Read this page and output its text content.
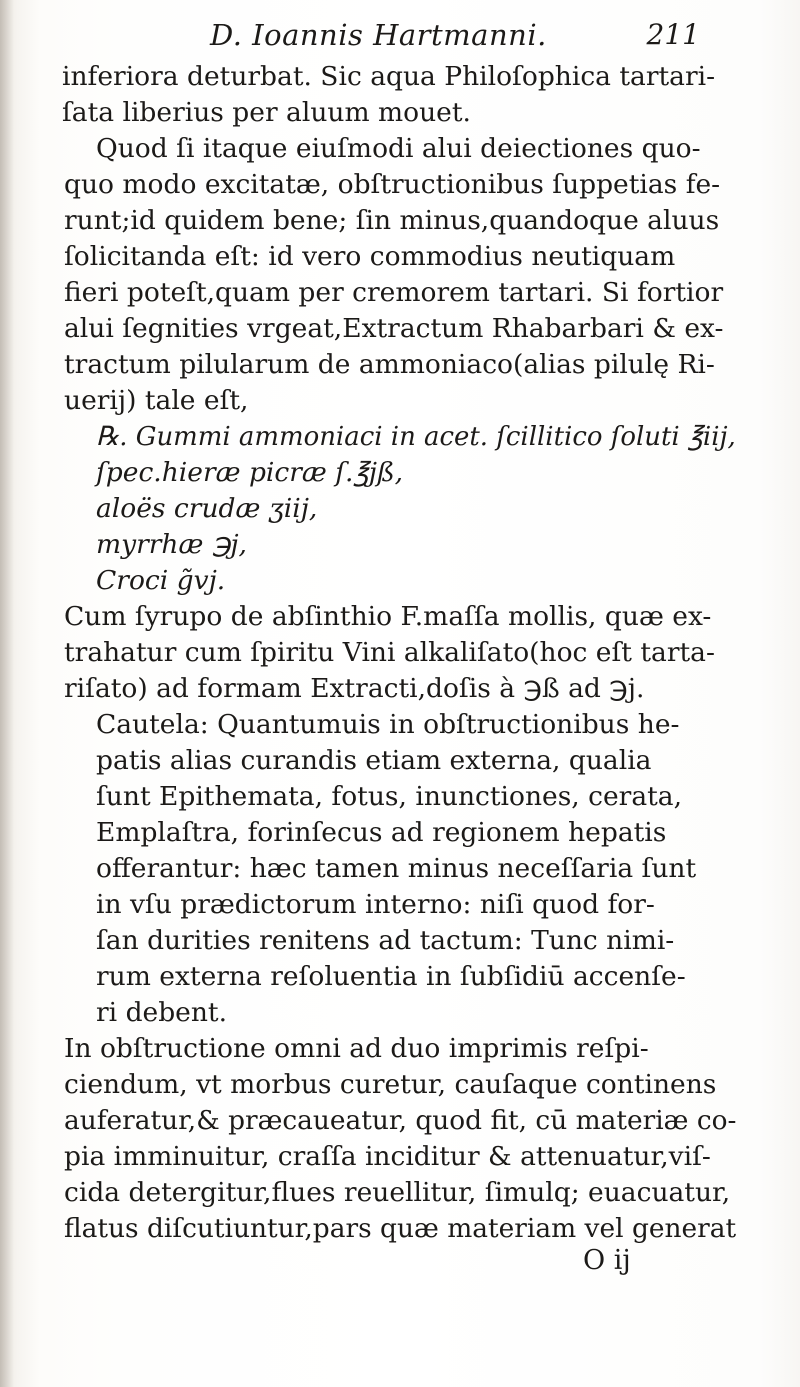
D. Ioannis Hartmanni.	211
inferiora deturbat. Sic aqua Philoſophica tartari-
ſata liberius per aluum mouet.
Quod ſi itaque eiuſmodi alui deiectiones quo-
quo modo excitatæ, obſtructionibus ſuppetias fe-
runt;id quidem bene; ſin minus,quandoque aluus
ſolicitanda eſt: id vero commodius neutiquam
fieri poteſt,quam per cremorem tartari. Si fortior
alui ſegnities vrgeat,Extractum Rhabarbari & ex-
tractum pilularum de ammoniaco(alias pilulę Ri-
uerij) tale eſt,
℞. Gummi ammoniaci in acet. ſcillitico ſoluti ℥iij,
ſpec.hieræ picræ ſ.℥jß,
aloës crudæ ʒiij,
myrrhæ ℈j,
Croci g̃vj.
Cum ſyrupo de abſinthio F.maſſa mollis, quæ ex-
trahatur cum ſpiritu Vini alkaliſato(hoc eſt tarta-
riſato) ad formam Extracti,doſis à ℈ß ad ℈j.
Cautela: Quantumuis in obſtructionibus he-
patis alias curandis etiam externa, qualia
ſunt Epithemata, fotus, inunctiones, cerata,
Emplaſtra, forinſecus ad regionem hepatis
offerantur: hæc tamen minus neceſſaria ſunt
in vſu prædictorum interno: niſi quod for-
ſan durities renitens ad tactum: Tunc nimi-
rum externa reſoluentia in ſubſidiū accenſe-
ri debent.
In obſtructione omni ad duo imprimis reſpi-
ciendum, vt morbus curetur, cauſaque continens
auferatur,& præcaueatur, quod fit, cū materiæ co-
pia imminuitur, craſſa inciditur & attenuatur,viſ-
cida detergitur,flues reuellitur, ſimulq; euacuatur,
flatus diſcutiuntur,pars quæ materiam vel generat
O ij
